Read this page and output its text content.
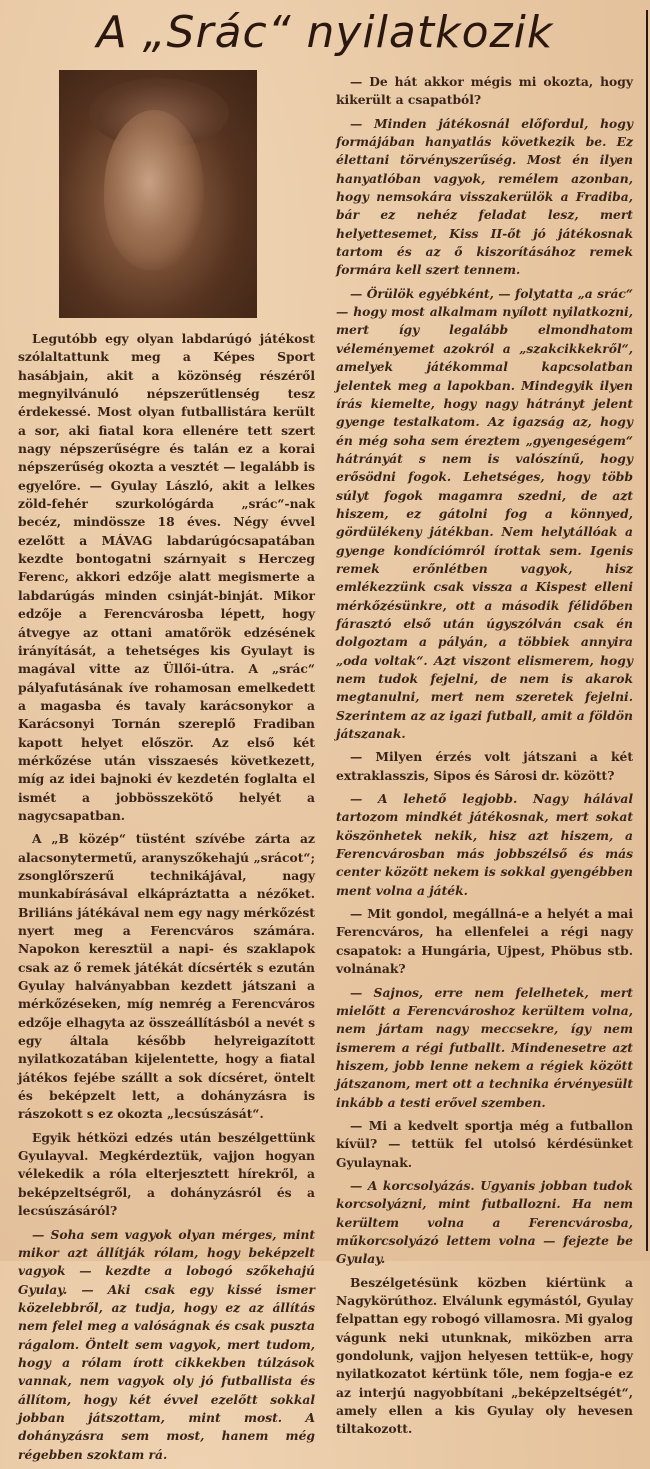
A „Srác“ nyilatkozik

Legutóbb egy olyan labdarúgó játékost szólaltattunk meg a Képes Sport hasábjain, akit a közönség részéről megnyilvánuló népszerűtlenség tesz érdekessé. Most olyan futballistára került a sor, aki fiatal kora ellenére tett szert nagy népszerűségre és talán ez a korai népszerűség okozta a vesztét — legalább is egyelőre. — Gyulay László, akit a lelkes zöld-fehér szurkológárda „srác“-nak becéz, mindössze 18 éves. Négy évvel ezelőtt a MÁVAG labdarúgócsapatában kezdte bontogatni szárnyait s Herczeg Ferenc, akkori edzője alatt megismerte a labdarúgás minden csinját-binját. Mikor edzője a Ferencvárosba lépett, hogy átvegye az ottani amatőrök edzésének irányítását, a tehetséges kis Gyulayt is magával vitte az Üllői-útra. A „srác“ pályafutásának íve rohamosan emelkedett a magasba és tavaly karácsonykor a Karácsonyi Tornán szereplő Fradiban kapott helyet először. Az első két mérkőzése után visszaesés következett, míg az idei bajnoki év kezdetén foglalta el ismét a jobbösszekötő helyét a nagycsapatban.

A „B közép“ tüstént szívébe zárta az alacsonytermetű, aranyszőkehajú „srácot“; zsonglőrszerű technikájával, nagy munkabírásával elkápráztatta a nézőket. Briliáns játékával nem egy nagy mérkőzést nyert meg a Ferencváros számára. Napokon keresztül a napi- és szaklapok csak az ő remek játékát dícsérték s ezután Gyulay halványabban kezdett játszani a mérkőzéseken, míg nemrég a Ferencváros edzője elhagyta az összeállításból a nevét s egy általa később helyreigazított nyilatkozatában kijelentette, hogy a fiatal játékos fejébe szállt a sok dícséret, öntelt és beképzelt lett, a dohányzásra is rászokott s ez okozta „lecsúszását“.

Egyik hétközi edzés után beszélgettünk Gyulayval. Megkérdeztük, vajjon hogyan vélekedik a róla elterjesztett hírekről, a beképzeltségről, a dohányzásról és a lecsúszásáról?

— Soha sem vagyok olyan mérges, mint mikor azt állítják rólam, hogy beképzelt vagyok — kezdte a lobogó szőkehajú Gyulay. — Aki csak egy kissé ismer közelebbről, az tudja, hogy ez az állítás nem felel meg a valóságnak és csak puszta rágalom. Öntelt sem vagyok, mert tudom, hogy a rólam írott cikkekben túlzások vannak, nem vagyok oly jó futballista és állítom, hogy két évvel ezelőtt sokkal jobban játszottam, mint most. A dohányzásra sem most, hanem még régebben szoktam rá.

— De hát akkor mégis mi okozta, hogy kikerült a csapatból?

— Minden játékosnál előfordul, hogy formájában hanyatlás következik be. Ez élettani törvényszerűség. Most én ilyen hanyatlóban vagyok, remélem azonban, hogy nemsokára visszakerülök a Fradiba, bár ez nehéz feladat lesz, mert helyettesemet, Kiss II-őt jó játékosnak tartom és az ő kiszorításához remek formára kell szert tennem.

— Örülök egyébként, — folytatta „a srác“ — hogy most alkalmam nyílott nyilatkozni, mert így legalább elmondhatom véleményemet azokról a „szakcikkekről“, amelyek játékommal kapcsolatban jelentek meg a lapokban. Mindegyik ilyen írás kiemelte, hogy nagy hátrányt jelent gyenge testalkatom. Az igazság az, hogy én még soha sem éreztem „gyengeségem“ hátrányát s nem is valószínű, hogy erősödni fogok. Lehetséges, hogy több súlyt fogok magamra szedni, de azt hiszem, ez gátolni fog a könnyed, gördülékeny játékban. Nem helytállóak a gyenge kondíciómról írottak sem. Igenis remek erőnlétben vagyok, hisz emlékezzünk csak vissza a Kispest elleni mérkőzésünkre, ott a második félidőben fárasztó első után úgyszólván csak én dolgoztam a pályán, a többiek annyira „oda voltak“. Azt viszont elismerem, hogy nem tudok fejelni, de nem is akarok megtanulni, mert nem szeretek fejelni. Szerintem az az igazi futball, amit a földön játszanak.

— Milyen érzés volt játszani a két extraklasszis, Sipos és Sárosi dr. között?

— A lehető legjobb. Nagy hálával tartozom mindkét játékosnak, mert sokat köszönhetek nekik, hisz azt hiszem, a Ferencvárosban más jobbszélső és más center között nekem is sokkal gyengébben ment volna a játék.

— Mit gondol, megállná-e a helyét a mai Ferencváros, ha ellenfelei a régi nagy csapatok: a Hungária, Ujpest, Phöbus stb. volnának?

— Sajnos, erre nem felelhetek, mert mielőtt a Ferencvároshoz kerültem volna, nem jártam nagy meccsekre, így nem ismerem a régi futballt. Mindenesetre azt hiszem, jobb lenne nekem a régiek között játszanom, mert ott a technika érvényesült inkább a testi erővel szemben.

— Mi a kedvelt sportja még a futballon kívül? — tettük fel utolsó kérdésünket Gyulaynak.

— A korcsolyázás. Ugyanis jobban tudok korcsolyázni, mint futballozni. Ha nem kerültem volna a Ferencvárosba, műkorcsolyázó lettem volna — fejezte be Gyulay.

Beszélgetésünk közben kiértünk a Nagykörúthoz. Elválunk egymástól, Gyulay felpattan egy robogó villamosra. Mi gyalog vágunk neki utunknak, miközben arra gondolunk, vajjon helyesen tettük-e, hogy nyilatkozatot kértünk tőle, nem fogja-e ez az interjú nagyobbítani „beképzeltségét“, amely ellen a kis Gyulay oly hevesen tiltakozott.
